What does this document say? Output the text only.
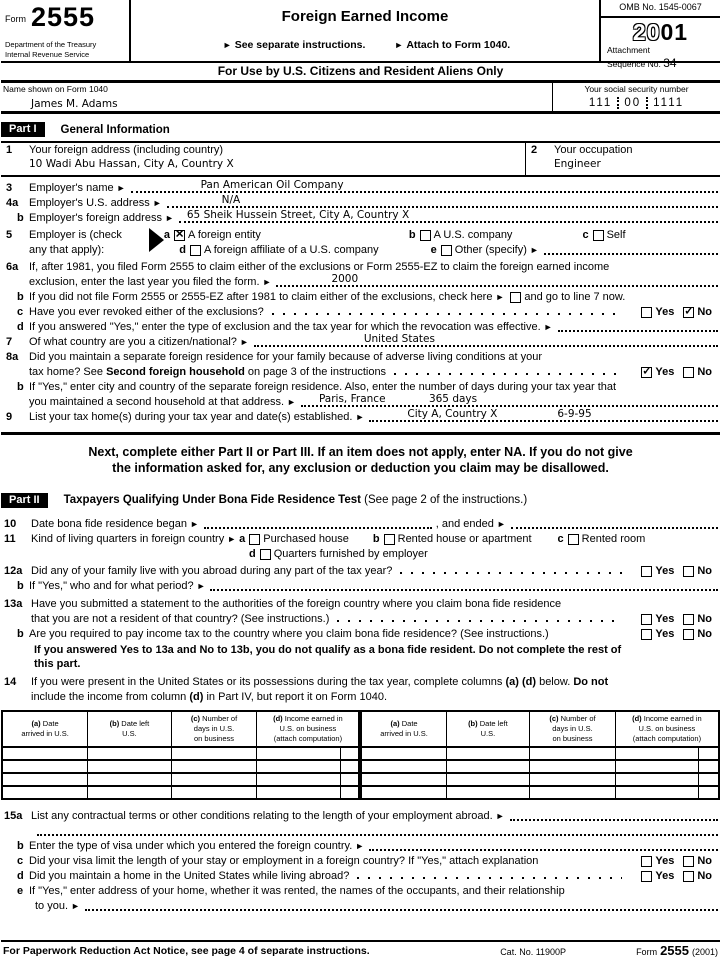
Form 2555
Department of the Treasury
Internal Revenue Service
Foreign Earned Income
► See separate instructions. ►	Attach to Form 1040.
OMB No. 1545-0067
2001
Attachment
Sequence No. 34
For Use by U.S. Citizens and Resident Aliens Only
Name shown on Form 1040
James M. Adams
Your social security number
111 00 1111
Part I	General Information
1	Your foreign address (including country)
10 Wadi Abu Hassan, City A, Country X
2	Your occupation
Engineer
3	Employer's name ►	Pan American Oil Company
4a Employer's U.S. address ►	N/A
b Employer's foreign address ► 65 Sheik Hussein Street, City A, Country X
5	Employer is (check	a ✕ A foreign entity	b A U.S. company	c Self
any that apply):	d A foreign affiliate of a U.S. company	e Other (specify)
►
6a If, after 1981, you filed Form 2555 to claim either of the exclusions or Form 2555-EZ to claim the foreign earned income
exclusion, enter the last year you filed the form. ►	2000
b If you did not file Form 2555 or 2555-EZ after 1981 to claim either of the exclusions, check here ►	and go to line 7 now.
c Have you ever revoked either of the exclusions?	Yes ✓ No
d If you answered "Yes," enter the type of exclusion and the tax year for which the revocation was effective.
►
7	Of what country are you a citizen/national? ►	United States
8a Did you maintain a separate foreign residence for your family because of adverse living conditions at your
tax home? See Second foreign household on page 3 of the instructions	✓ Yes No
b If "Yes," enter city and country of the separate foreign residence. Also, enter the number of days during your tax year that
you maintained a second household at that address. ►	Paris, France	365 days
9	List your tax home(s) during your tax year and date(s) established. ►	City A, Country X	6-9-95
Next, complete either Part II or Part III. If an item does not apply, enter NA. If you do not give
the information asked for, any exclusion or deduction you claim may be disallowed.
Part II	Taxpayers Qualifying Under Bona Fide Residence Test (See page 2 of the instructions.)
10	Date bona fide residence began ►	, and ended
►
11	Kind of living quarters in foreign country ► a Purchased house b Rented house or apartment c Rented room
d Quarters furnished by employer
12a Did any of your family live with you abroad during any part of the tax year?	Yes No
b If "Yes," who and for what period?
►
13a Have you submitted a statement to the authorities of the foreign country where you claim bona fide residence
that you are not a resident of that country? (See instructions.)	Yes No
b Are you required to pay income tax to the country where you claim bona fide residence? (See instructions.)	Yes No
If you answered Yes to 13a and No to 13b, you do not qualify as a bona fide resident. Do not complete the rest of
this part.
14	If you were present in the United States or its possessions during the tax year, complete columns (a) (d) below. Do not
include the income from column (d) in Part IV, but report it on Form 1040.
(a) Date
arrived in U.S.	(b) Date left
U.S.	(c) Number of
days in U.S.
on business	(d) Income earned in
U.S. on business
(attach computation)		(a) Date
arrived in U.S.	(b) Date left
U.S.	(c) Number of
days in U.S.
on business	(d) Income earned in
U.S. on business
(attach computation)	

15a List any contractual terms or other conditions relating to the length of your employment abroad.
►
b Enter the type of visa under which you entered the foreign country.
►
c Did your visa limit the length of your stay or employment in a foreign country? If "Yes," attach explanation	Yes No
d Did you maintain a home in the United States while living abroad?	Yes No
e If "Yes," enter address of your home, whether it was rented, the names of the occupants, and their relationship
to you.
►
For Paperwork Reduction Act Notice, see page 4 of separate instructions.	Cat. No. 11900P	Form 2555 (2001)
